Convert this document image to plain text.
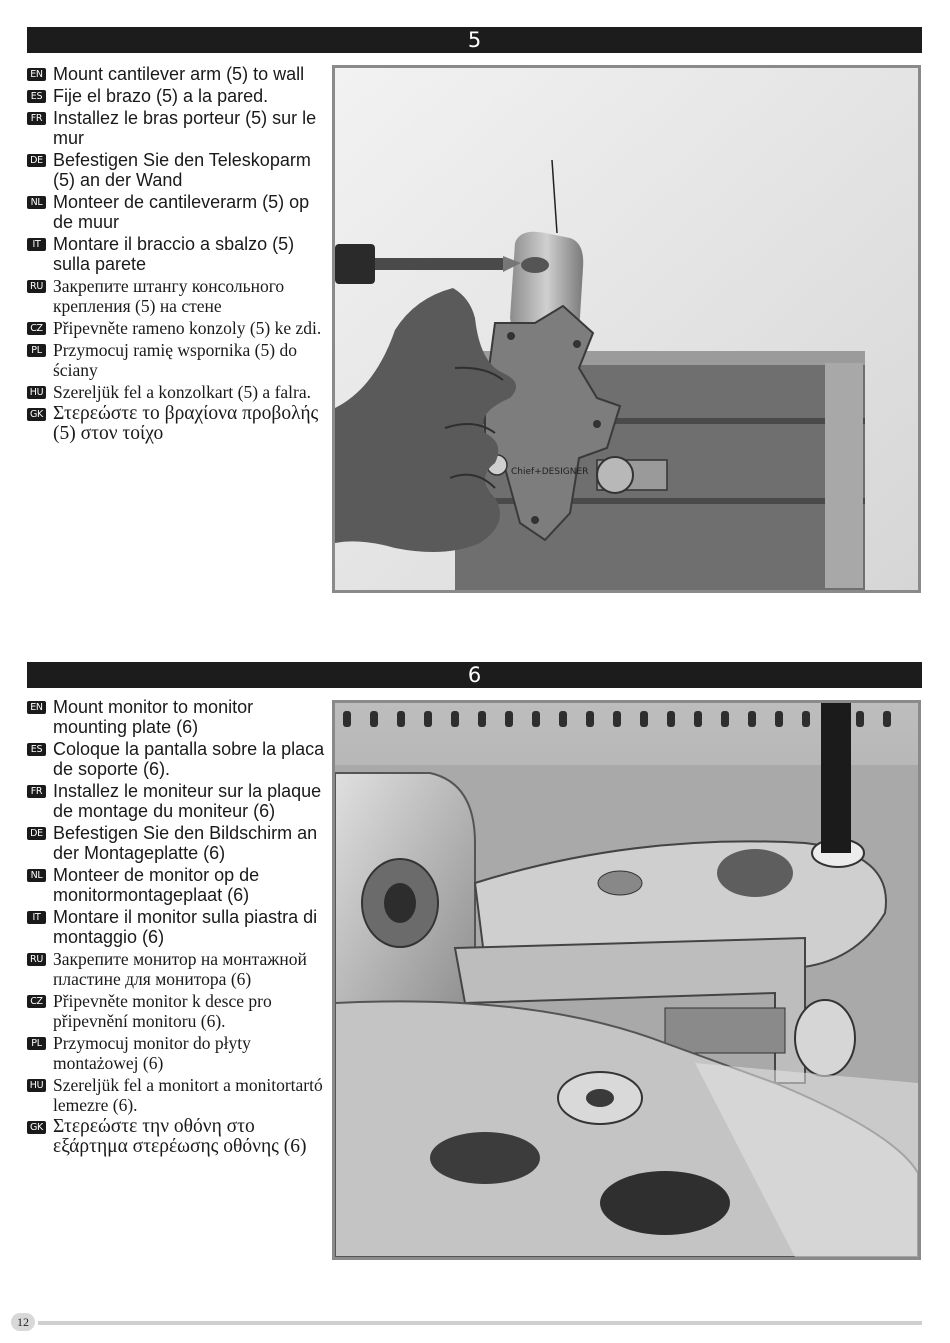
5
EN Mount cantilever arm (5) to wall
ES Fije el brazo (5) a la pared.
FR Installez le bras porteur (5) sur le mur
DE Befestigen Sie den Teleskoparm (5) an der Wand
NL Monteer de cantileverarm (5) op de muur
IT Montare il braccio a sbalzo (5) sulla parete
RU Закрепите штангу консольного крепления (5) на стене
CZ Připevněte rameno konzoly (5) ke zdi.
PL Przymocuj ramię wspornika (5) do ściany
HU Szereljük fel a konzolkart (5) a falra.
GK Στερεώστε το βραχίονα προβολής (5) στον τοίχο
Chief+DESIGNER
6
EN Mount monitor to monitor mounting plate (6)
ES Coloque la pantalla sobre la placa de soporte (6).
FR Installez le moniteur sur la plaque de montage du moniteur (6)
DE Befestigen Sie den Bildschirm an der Montageplatte (6)
NL Monteer de monitor op de monitormontageplaat (6)
IT Montare il monitor sulla piastra di montaggio (6)
RU Закрепите монитор на монтажной пластине для монитора (6)
CZ Připevněte monitor k desce pro připevnění monitoru (6).
PL Przymocuj monitor do płyty montażowej (6)
HU Szereljük fel a monitort a monitortartó lemezre (6).
GK Στερεώστε την οθόνη στο εξάρτημα στερέωσης οθόνης (6)
12
